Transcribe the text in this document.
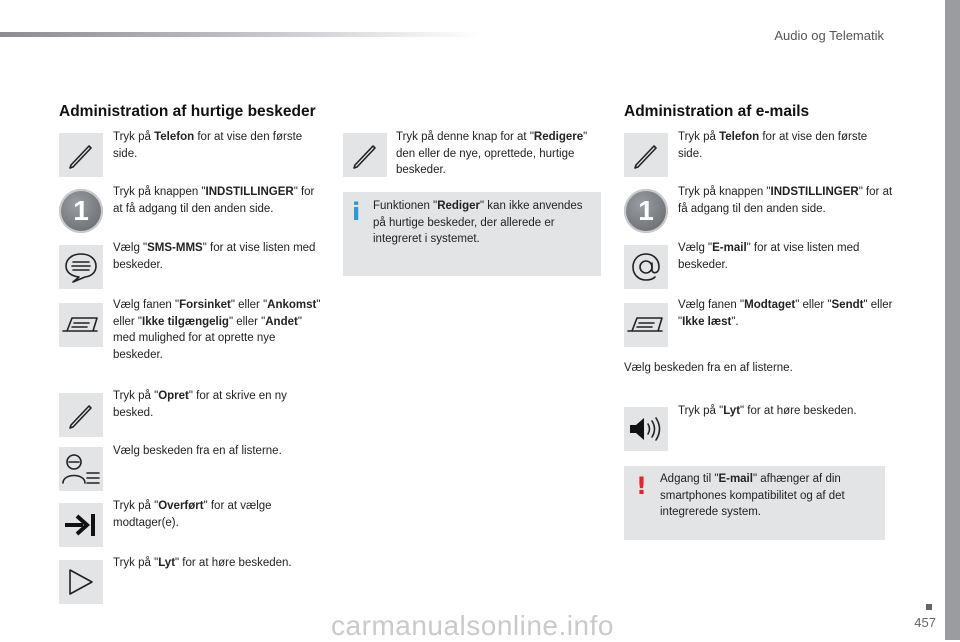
Audio og Telematik
Administration af hurtige beskeder
Tryk på Telefon for at vise den første side.
1
Tryk på knappen "INDSTILLINGER" for at få adgang til den anden side.
Vælg "SMS-MMS" for at vise listen med beskeder.
Vælg fanen "Forsinket" eller "Ankomst" eller "Ikke tilgængelig" eller "Andet" med mulighed for at oprette nye beskeder.
Tryk på "Opret" for at skrive en ny besked.
Vælg beskeden fra en af listerne.
Tryk på "Overført" for at vælge modtager(e).
Tryk på "Lyt" for at høre beskeden.
Tryk på denne knap for at "Redigere" den eller de nye, oprettede, hurtige beskeder.
i Funktionen "Rediger" kan ikke anvendes på hurtige beskeder, der allerede er integreret i systemet.
Administration af e-mails
Tryk på Telefon for at vise den første side.
1
Tryk på knappen "INDSTILLINGER" for at få adgang til den anden side.
Vælg "E-mail" for at vise listen med beskeder.
Vælg fanen "Modtaget" eller "Sendt" eller "Ikke læst".
Vælg beskeden fra en af listerne.
Tryk på "Lyt" for at høre beskeden.
! Adgang til "E-mail" afhænger af din smartphones kompatibilitet og af det integrerede system.
457
carmanualsonline.info
